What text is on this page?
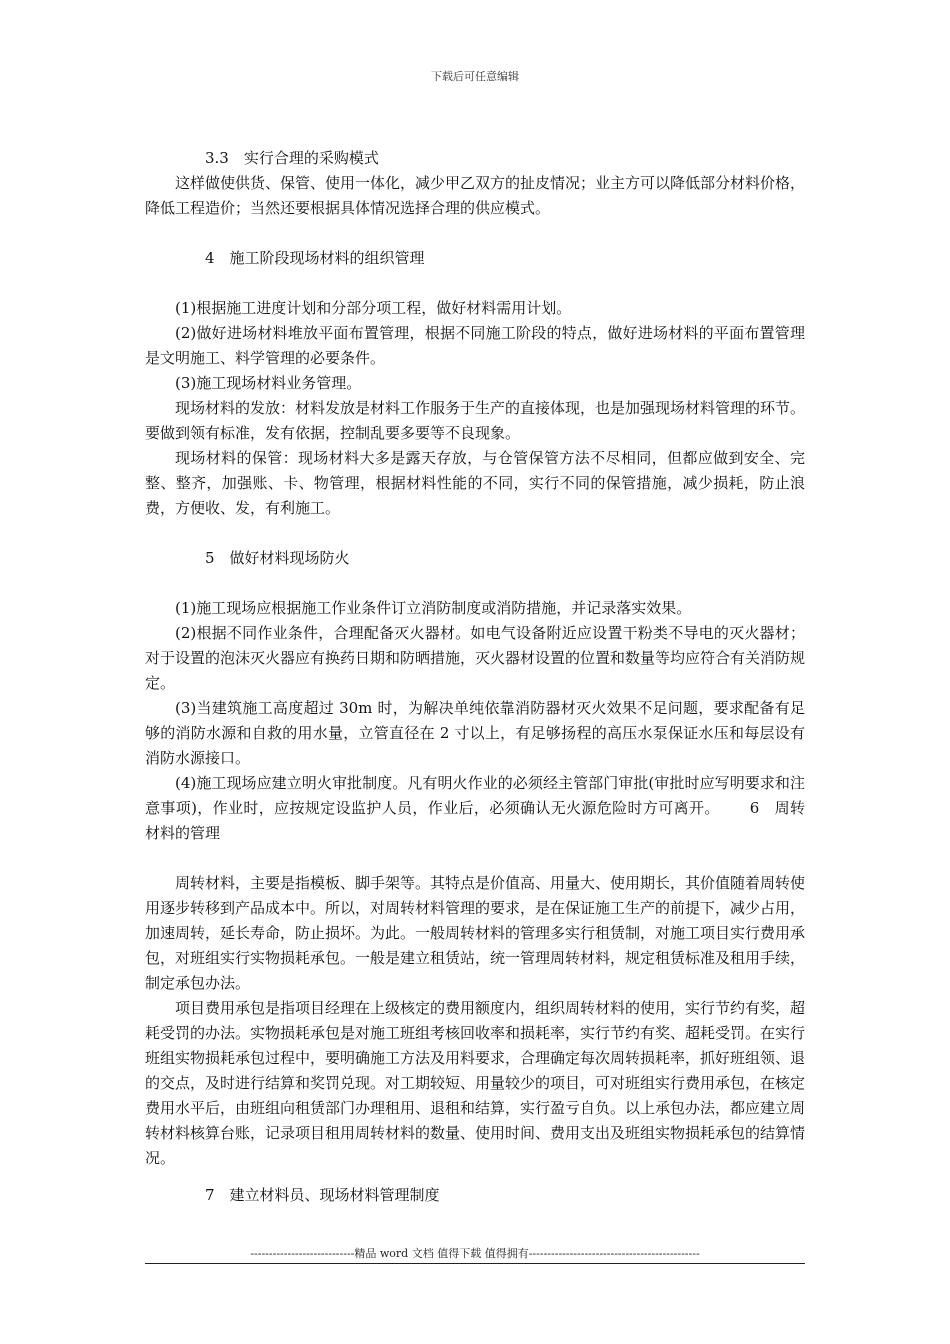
下载后可任意编辑
3.3 实行合理的采购模式

这样做使供货、保管、使用一体化，减少甲乙双方的扯皮情况；业主方可以降低部分材料价格，降低工程造价；当然还要根据具体情况选择合理的供应模式。

4 施工阶段现场材料的组织管理

(1)根据施工进度计划和分部分项工程，做好材料需用计划。

(2)做好进场材料堆放平面布置管理，根据不同施工阶段的特点，做好进场材料的平面布置管理是文明施工、料学管理的必要条件。

(3)施工现场材料业务管理。

现场材料的发放：材料发放是材料工作服务于生产的直接体现，也是加强现场材料管理的环节。要做到领有标准，发有依据，控制乱要多要等不良现象。

现场材料的保管：现场材料大多是露天存放，与仓管保管方法不尽相同，但都应做到安全、完整、整齐，加强账、卡、物管理，根据材料性能的不同，实行不同的保管措施，减少损耗，防止浪费，方便收、发，有利施工。

5 做好材料现场防火

(1)施工现场应根据施工作业条件订立消防制度或消防措施，并记录落实效果。

(2)根据不同作业条件，合理配备灭火器材。如电气设备附近应设置干粉类不导电的灭火器材；对于设置的泡沫灭火器应有换药日期和防晒措施，灭火器材设置的位置和数量等均应符合有关消防规定。

(3)当建筑施工高度超过 30m 时，为解决单纯依靠消防器材灭火效果不足问题，要求配备有足够的消防水源和自救的用水量，立管直径在 2 寸以上，有足够扬程的高压水泵保证水压和每层设有消防水源接口。

(4)施工现场应建立明火审批制度。凡有明火作业的必须经主管部门审批(审批时应写明要求和注意事项)，作业时，应按规定设监护人员，作业后，必须确认无火源危险时方可离开。 6 周转材料的管理

周转材料，主要是指模板、脚手架等。其特点是价值高、用量大、使用期长，其价值随着周转使用逐步转移到产品成本中。所以，对周转材料管理的要求，是在保证施工生产的前提下，减少占用，加速周转，延长寿命，防止损坏。为此。一般周转材料的管理多实行租赁制，对施工项目实行费用承包，对班组实行实物损耗承包。一般是建立租赁站，统一管理周转材料，规定租赁标准及租用手续，制定承包办法。

项目费用承包是指项目经理在上级核定的费用额度内，组织周转材料的使用，实行节约有奖，超耗受罚的办法。实物损耗承包是对施工班组考核回收率和损耗率，实行节约有奖、超耗受罚。在实行班组实物损耗承包过程中，要明确施工方法及用料要求，合理确定每次周转损耗率，抓好班组领、退的交点，及时进行结算和奖罚兑现。对工期较短、用量较少的项目，可对班组实行费用承包，在核定费用水平后，由班组向租赁部门办理租用、退租和结算，实行盈亏自负。以上承包办法，都应建立周转材料核算台账，记录项目租用周转材料的数量、使用时间、费用支出及班组实物损耗承包的结算情况。

7 建立材料员、现场材料管理制度
----------------------------精品 word 文档 值得下载 值得拥有----------------------------------------------
